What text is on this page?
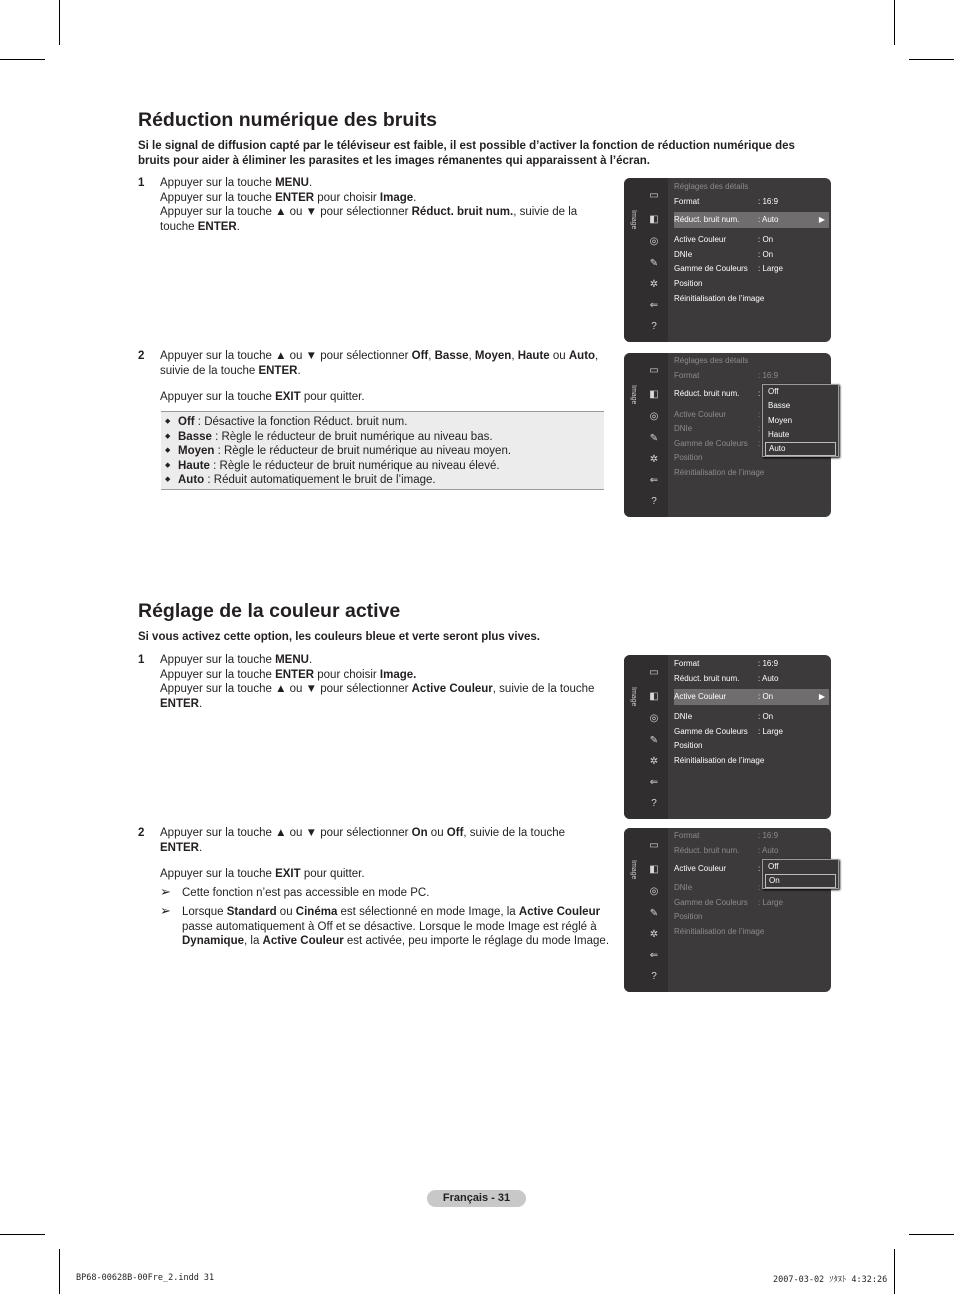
Réduction numérique des bruits

Si le signal de diffusion capté par le téléviseur est faible, il est possible d’activer la fonction de réduction numérique des bruits pour aider à éliminer les parasites et les images rémanentes qui apparaissent à l’écran.

1 Appuyer sur la touche MENU.

Appuyer sur la touche ENTER pour choisir Image.

Appuyer sur la touche ▲ ou ▼ pour sélectionner Réduct. bruit num., suivie de la touche ENTER.

2 Appuyer sur la touche ▲ ou ▼ pour sélectionner Off, Basse, Moyen, Haute ou Auto, suivie de la touche ENTER.

Appuyer sur la touche EXIT pour quitter.

◆ Off : Désactive la fonction Réduct. bruit num.
◆ Basse : Règle le réducteur de bruit numérique au niveau bas.
◆ Moyen : Règle le réducteur de bruit numérique au niveau moyen.
◆ Haute : Règle le réducteur de bruit numérique au niveau élevé.
◆ Auto : Réduit automatiquement le bruit de l’image.
Image
▭
◧
◎
✎
✲
⇐
?
Réglages des détails
Format	: 16:9
Réduct. bruit num. : Auto	▶
Active Couleur	: On
DNIe	: On
Gamme de Couleurs : Large
Position
Réinitialisation de l’image
Image
▭
◧
◎
✎
✲
⇐
?
Réglages des détails
Format	: 16:9
Réduct. bruit num. :
Active Couleur	:
DNIe	:
Gamme de Couleurs :
Position
Réinitialisation de l’image
Off
Basse
Moyen
Haute
Auto
Réglage de la couleur active

Si vous activez cette option, les couleurs bleue et verte seront plus vives.

1 Appuyer sur la touche MENU.

Appuyer sur la touche ENTER pour choisir Image.

Appuyer sur la touche ▲ ou ▼ pour sélectionner Active Couleur, suivie de la touche ENTER.

2 Appuyer sur la touche ▲ ou ▼ pour sélectionner On ou Off, suivie de la touche ENTER.

Appuyer sur la touche EXIT pour quitter.

➢ Cette fonction n’est pas accessible en mode PC.
➢ Lorsque Standard ou Cinéma est sélectionné en mode Image, la Active Couleur passe automatiquement à Off et se désactive. Lorsque le mode Image est réglé à Dynamique, la Active Couleur est activée, peu importe le réglage du mode Image.
Image
▭
◧
◎
✎
✲
⇐
?
Format	: 16:9
Réduct. bruit num. : Auto
Active Couleur	: On	▶
DNIe	: On
Gamme de Couleurs : Large
Position
Réinitialisation de l’image
Image
▭
◧
◎
✎
✲
⇐
?
Format	: 16:9
Réduct. bruit num. : Auto
Active Couleur	:
DNIe	:
Gamme de Couleurs : Large
Position
Réinitialisation de l’image
Off
On
Français - 31
BP68-00628B-00Fre_2.indd 31	2007-03-02 ｿﾀﾇﾄ 4:32:26
